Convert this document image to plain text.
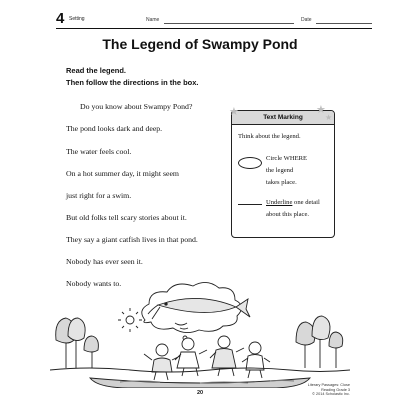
4 Setting	Name	Date
The Legend of Swampy Pond
Read the legend.
Then follow the directions in the box.
Do you know about Swampy Pond?
The pond looks dark and deep.
The water feels cool.
On a hot summer day, it might seem
just right for a swim.
But old folks tell scary stories about it.
They say a giant catfish lives in that pond.
Nobody has ever seen it.
Nobody wants to.
Text Marking
★	★
★
Think about the legend.
Circle WHERE
the legend
takes place.
Underline one detail
about this place.
Literary Passages: Close Reading Grade 3
© 2014 Scholastic Inc.
20
